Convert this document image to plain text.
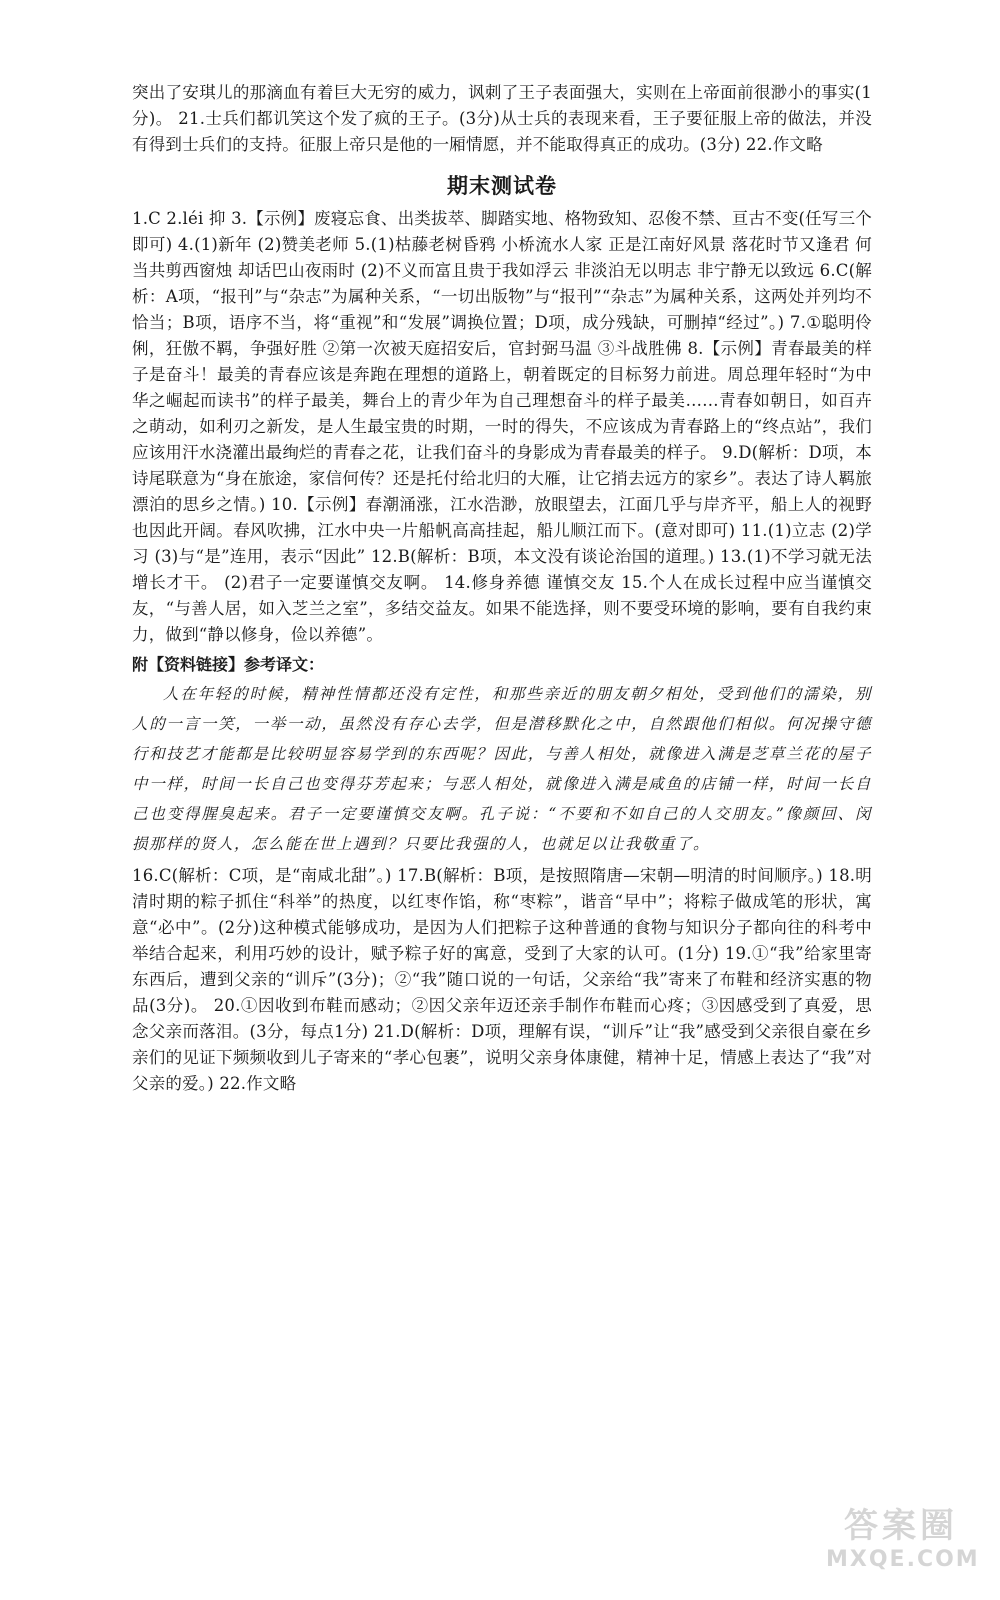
突出了安琪儿的那滴血有着巨大无穷的威力，讽刺了王子表面强大，实则在上帝面前很渺小的事实(1分)。 21.士兵们都讥笑这个发了疯的王子。(3分)从士兵的表现来看，王子要征服上帝的做法，并没有得到士兵们的支持。征服上帝只是他的一厢情愿，并不能取得真正的成功。(3分) 22.作文略

期末测试卷

1.C 2.léi 抑 3.【示例】废寝忘食、出类拔萃、脚踏实地、格物致知、忍俊不禁、亘古不变(任写三个即可) 4.(1)新年 (2)赞美老师 5.(1)枯藤老树昏鸦 小桥流水人家 正是江南好风景 落花时节又逢君 何当共剪西窗烛 却话巴山夜雨时 (2)不义而富且贵于我如浮云 非淡泊无以明志 非宁静无以致远 6.C(解析：A项，“报刊”与“杂志”为属种关系，“一切出版物”与“报刊”“杂志”为属种关系，这两处并列均不恰当；B项，语序不当，将“重视”和“发展”调换位置；D项，成分残缺，可删掉“经过”。) 7.①聪明伶俐，狂傲不羁，争强好胜 ②第一次被天庭招安后，官封弼马温 ③斗战胜佛 8.【示例】青春最美的样子是奋斗！最美的青春应该是奔跑在理想的道路上，朝着既定的目标努力前进。周总理年轻时“为中华之崛起而读书”的样子最美，舞台上的青少年为自己理想奋斗的样子最美……青春如朝日，如百卉之萌动，如利刃之新发，是人生最宝贵的时期，一时的得失，不应该成为青春路上的“终点站”，我们应该用汗水浇灌出最绚烂的青春之花，让我们奋斗的身影成为青春最美的样子。 9.D(解析：D项，本诗尾联意为“身在旅途，家信何传？还是托付给北归的大雁，让它捎去远方的家乡”。表达了诗人羁旅漂泊的思乡之情。) 10.【示例】春潮涌涨，江水浩渺，放眼望去，江面几乎与岸齐平，船上人的视野也因此开阔。春风吹拂，江水中央一片船帆高高挂起，船儿顺江而下。(意对即可) 11.(1)立志 (2)学习 (3)与“是”连用，表示“因此” 12.B(解析：B项，本文没有谈论治国的道理。) 13.(1)不学习就无法增长才干。 (2)君子一定要谨慎交友啊。 14.修身养德 谨慎交友 15.个人在成长过程中应当谨慎交友，“与善人居，如入芝兰之室”，多结交益友。如果不能选择，则不要受环境的影响，要有自我约束力，做到“静以修身，俭以养德”。

附【资料链接】参考译文：

人在年轻的时候，精神性情都还没有定性，和那些亲近的朋友朝夕相处，受到他们的濡染，别人的一言一笑，一举一动，虽然没有存心去学，但是潜移默化之中，自然跟他们相似。何况操守德行和技艺才能都是比较明显容易学到的东西呢？因此，与善人相处，就像进入满是芝草兰花的屋子中一样，时间一长自己也变得芬芳起来；与恶人相处，就像进入满是咸鱼的店铺一样，时间一长自己也变得腥臭起来。君子一定要谨慎交友啊。孔子说：“不要和不如自己的人交朋友。”像颜回、闵损那样的贤人，怎么能在世上遇到？只要比我强的人，也就足以让我敬重了。

16.C(解析：C项，是“南咸北甜”。) 17.B(解析：B项，是按照隋唐—宋朝—明清的时间顺序。) 18.明清时期的粽子抓住“科举”的热度，以红枣作馅，称“枣粽”，谐音“早中”；将粽子做成笔的形状，寓意“必中”。(2分)这种模式能够成功，是因为人们把粽子这种普通的食物与知识分子都向往的科考中举结合起来，利用巧妙的设计，赋予粽子好的寓意，受到了大家的认可。(1分) 19.①“我”给家里寄东西后，遭到父亲的“训斥”(3分)；②“我”随口说的一句话，父亲给“我”寄来了布鞋和经济实惠的物品(3分)。 20.①因收到布鞋而感动；②因父亲年迈还亲手制作布鞋而心疼；③因感受到了真爱，思念父亲而落泪。(3分，每点1分) 21.D(解析：D项，理解有误，“训斥”让“我”感受到父亲很自豪在乡亲们的见证下频频收到儿子寄来的“孝心包裹”，说明父亲身体康健，精神十足，情感上表达了“我”对父亲的爱。) 22.作文略

答案圈
MXQE.COM
